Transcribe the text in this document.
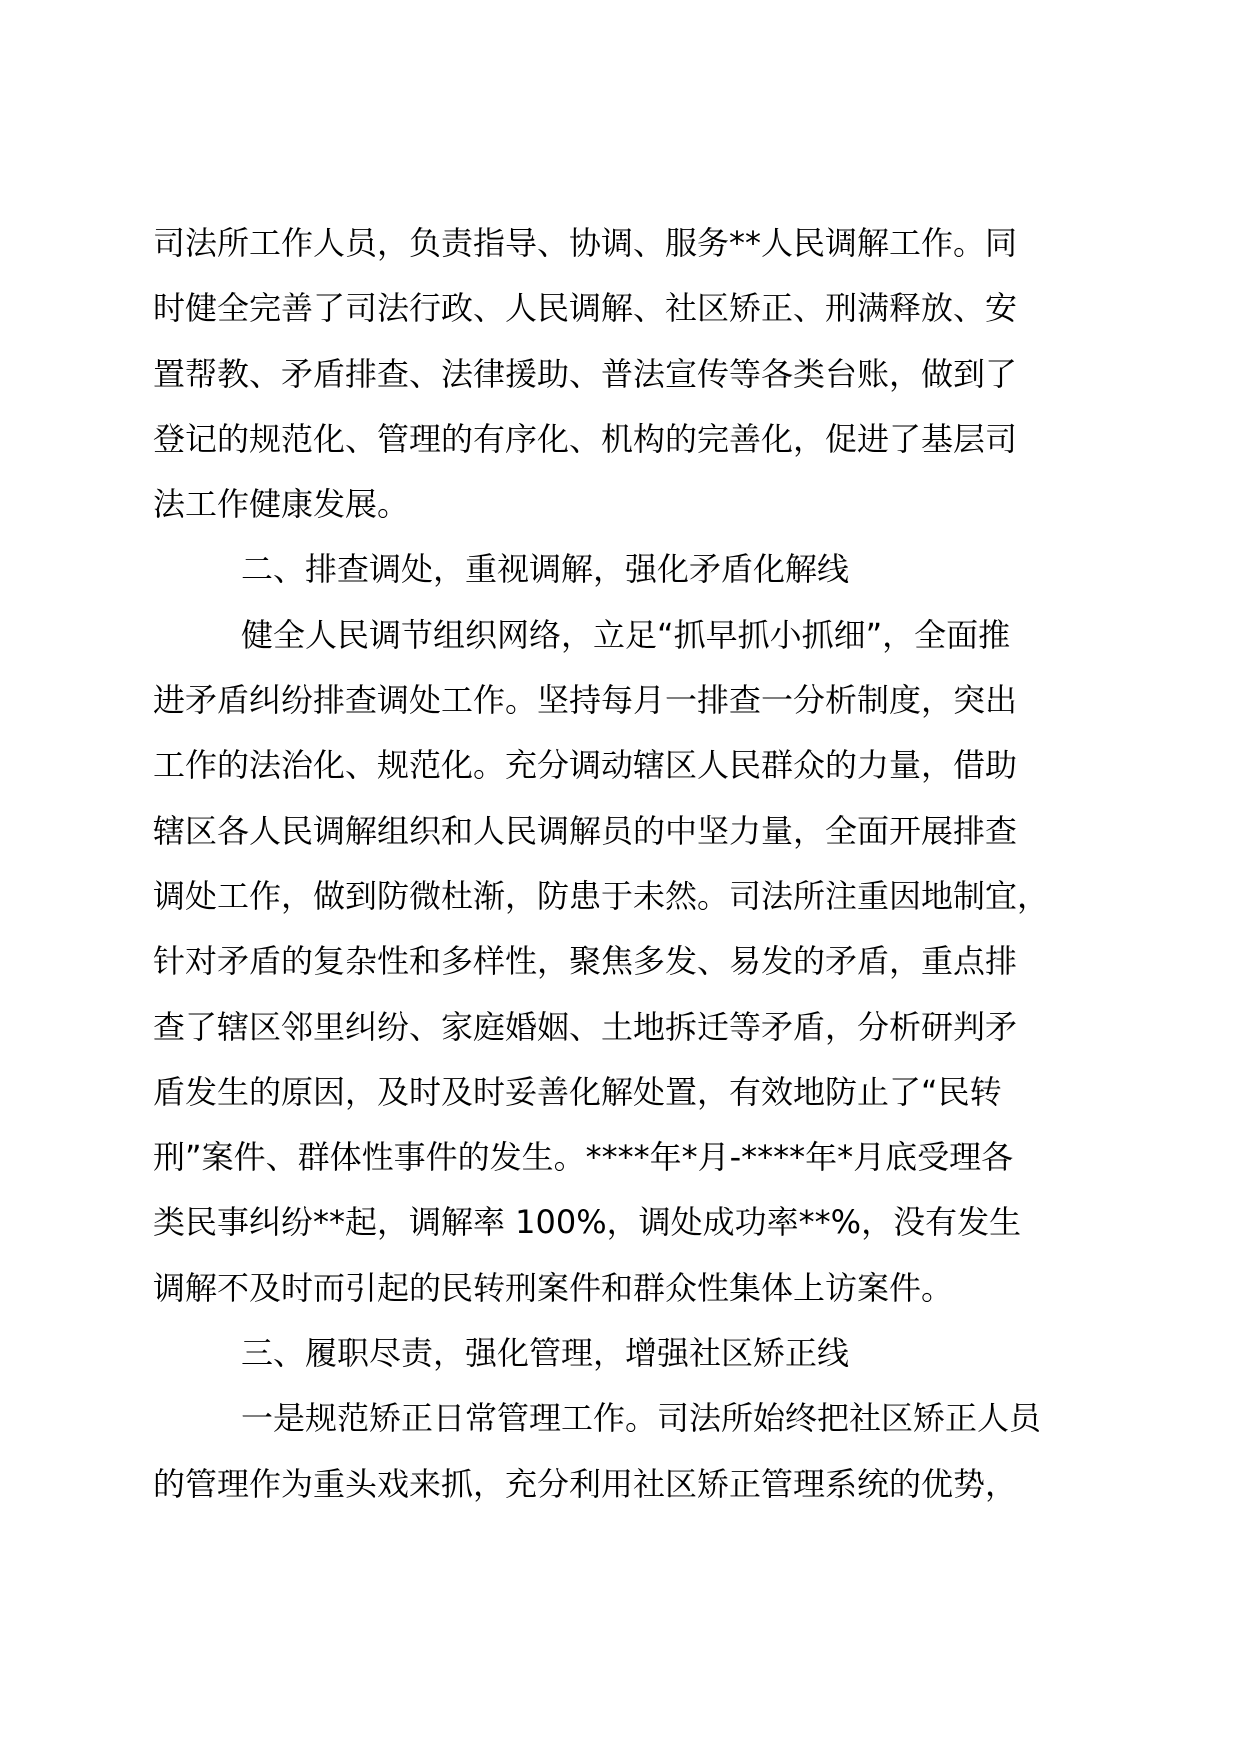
司法所工作人员，负责指导、协调、服务**人民调解工作。同
时健全完善了司法行政、人民调解、社区矫正、刑满释放、安
置帮教、矛盾排查、法律援助、普法宣传等各类台账，做到了
登记的规范化、管理的有序化、机构的完善化，促进了基层司
法工作健康发展。
二、排查调处，重视调解，强化矛盾化解线
健全人民调节组织网络，立足“抓早抓小抓细”，全面推
进矛盾纠纷排查调处工作。坚持每月一排查一分析制度，突出
工作的法治化、规范化。充分调动辖区人民群众的力量，借助
辖区各人民调解组织和人民调解员的中坚力量，全面开展排查
调处工作，做到防微杜渐，防患于未然。司法所注重因地制宜，
针对矛盾的复杂性和多样性，聚焦多发、易发的矛盾，重点排
查了辖区邻里纠纷、家庭婚姻、土地拆迁等矛盾，分析研判矛
盾发生的原因，及时及时妥善化解处置，有效地防止了“民转
刑”案件、群体性事件的发生。****年*月-****年*月底受理各
类民事纠纷**起，调解率 100%，调处成功率**%，没有发生
调解不及时而引起的民转刑案件和群众性集体上访案件。
三、履职尽责，强化管理，增强社区矫正线
一是规范矫正日常管理工作。司法所始终把社区矫正人员
的管理作为重头戏来抓，充分利用社区矫正管理系统的优势，
